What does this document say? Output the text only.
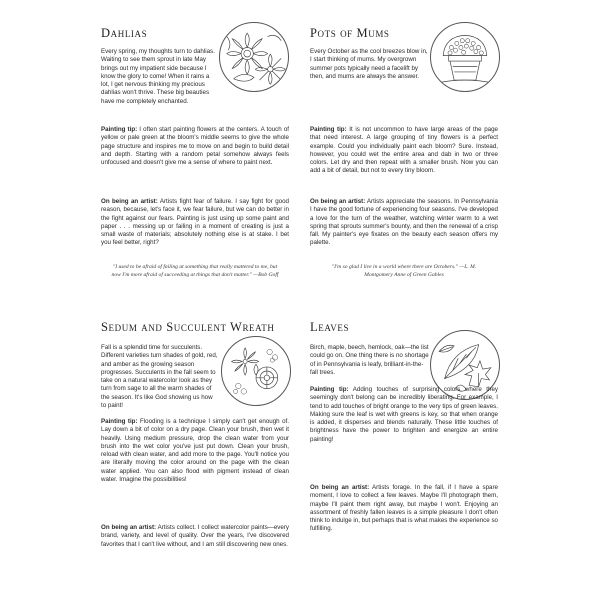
Dahlias
Every spring, my thoughts turn to dahlias. Waiting to see them sprout in late May brings out my impatient side because I know the glory to come! When it rains a lot, I get nervous thinking my precious dahlias won't thrive. These big beauties have me completely enchanted.
Painting tip: I often start painting flowers at the centers. A touch of yellow or pale green at the bloom's middle seems to give the whole page structure and inspires me to move on and begin to build detail and depth. Starting with a random petal somehow always feels unfocused and doesn't give me a sense of where to paint next.
On being an artist: Artists fight fear of failure. I say fight for good reason, because, let's face it, we fear failure, but we can do better in the fight against our fears. Painting is just using up some paint and paper . . . messing up or failing in a moment of creating is just a small waste of materials; absolutely nothing else is at stake. I bet you feel better, right?
"I used to be afraid of failing at something that really mattered to me, but now I'm more afraid of succeeding at things that don't matter." —Bob Goff
Pots of Mums
Every October as the cool breezes blow in, I start thinking of mums. My overgrown summer pots typically need a facelift by then, and mums are always the answer.
Painting tip: It is not uncommon to have large areas of the page that need interest. A large grouping of tiny flowers is a perfect example. Could you individually paint each bloom? Sure. Instead, however, you could wet the entire area and dab in two or three colors. Let dry and then repeat with a smaller brush. Now you can add a bit of detail, but not to every tiny bloom.
On being an artist: Artists appreciate the seasons. In Pennsylvania I have the good fortune of experiencing four seasons. I've developed a love for the turn of the weather, watching winter warm to a wet spring that sprouts summer's bounty, and then the renewal of a crisp fall. My painter's eye fixates on the beauty each season offers my palette.
"I'm so glad I live in a world where there are Octobers." —L. M. Montgomery Anne of Green Gables
Sedum and Succulent Wreath
Fall is a splendid time for succulents. Different varieties turn shades of gold, red, and amber as the growing season progresses. Succulents in the fall seem to take on a natural watercolor look as they turn from sage to all the warm shades of the season. It's like God showing us how to paint!
Painting tip: Flooding is a technique I simply can't get enough of. Lay down a bit of color on a dry page. Clean your brush, then wet it heavily. Using medium pressure, drop the clean water from your brush into the wet color you've just put down. Clean your brush, reload with clean water, and add more to the page. You'll notice you are literally moving the color around on the page with the clean water applied. You can also flood with pigment instead of clean water. Imagine the possibilities!
On being an artist: Artists collect. I collect watercolor paints—every brand, variety, and level of quality. Over the years, I've discovered favorites that I can't live without, and I am still discovering new ones.
Leaves
Birch, maple, beech, hemlock, oak—the list could go on. One thing there is no shortage of in Pennsylvania is leafy, brilliant-in-the-fall trees.
Painting tip: Adding touches of surprising colors where they seemingly don't belong can be incredibly liberating. For example, I tend to add touches of bright orange to the very tips of green leaves. Making sure the leaf is wet with greens is key, so that when orange is added, it disperses and blends naturally. These little touches of brightness have the power to brighten and energize an entire painting!
On being an artist: Artists forage. In the fall, if I have a spare moment, I love to collect a few leaves. Maybe I'll photograph them, maybe I'll paint them right away, but maybe I won't. Enjoying an assortment of freshly fallen leaves is a simple pleasure I don't often think to indulge in, but perhaps that is what makes the experience so fulfilling.
